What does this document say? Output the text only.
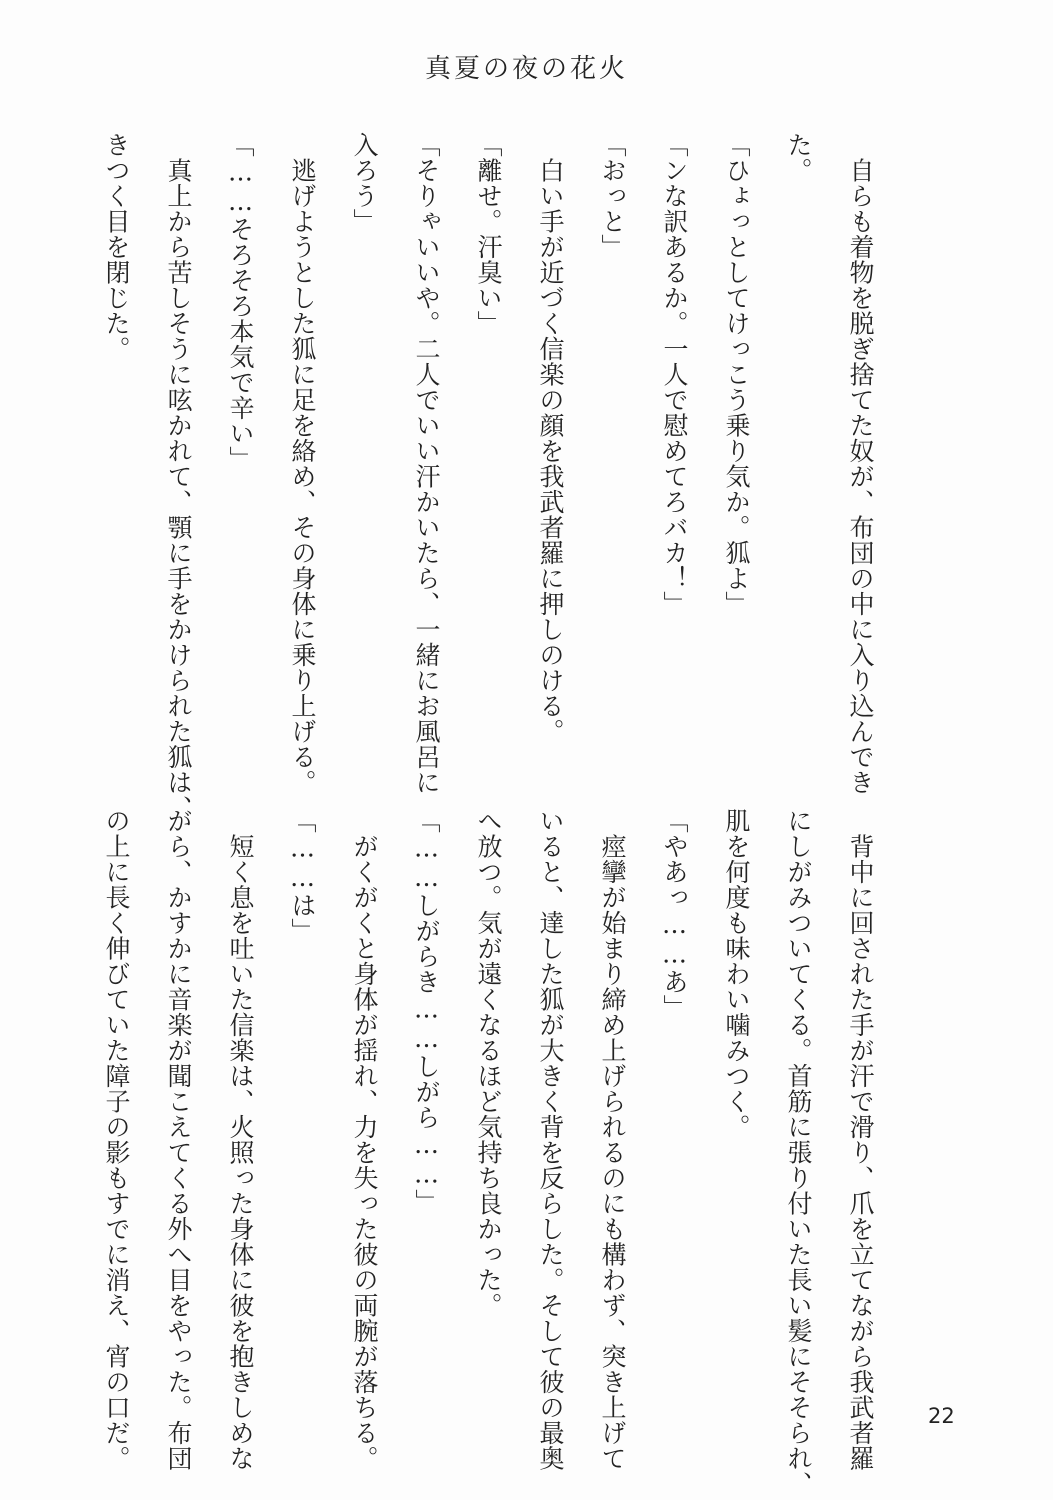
真夏の夜の花火
　自らも着物を脱ぎ捨てた奴が、布団の中に入り込んでき
た。
「ひょっとしてけっこう乗り気か。狐よ」
「ンな訳あるか。一人で慰めてろバカ！」
「おっと」
　白い手が近づく信楽の顔を我武者羅に押しのける。
「離せ。汗臭い」
「そりゃいいや。二人でいい汗かいたら、一緒にお風呂に
入ろう」
　逃げようとした狐に足を絡め、その身体に乗り上げる。
「……そろそろ本気で辛い」
　真上から苦しそうに呟かれて、顎に手をかけられた狐は、
きつく目を閉じた。
　背中に回された手が汗で滑り、爪を立てながら我武者羅
にしがみついてくる。首筋に張り付いた長い髪にそそられ、
肌を何度も味わい噛みつく。
「やあっ……あ」
　痙攣が始まり締め上げられるのにも構わず、突き上げて
いると、達した狐が大きく背を反らした。そして彼の最奥
へ放つ。気が遠くなるほど気持ち良かった。
「……しがらき……しがら……」
　がくがくと身体が揺れ、力を失った彼の両腕が落ちる。
「……は」
　短く息を吐いた信楽は、火照った身体に彼を抱きしめな
がら、かすかに音楽が聞こえてくる外へ目をやった。布団
の上に長く伸びていた障子の影もすでに消え、宵の口だ。	22
